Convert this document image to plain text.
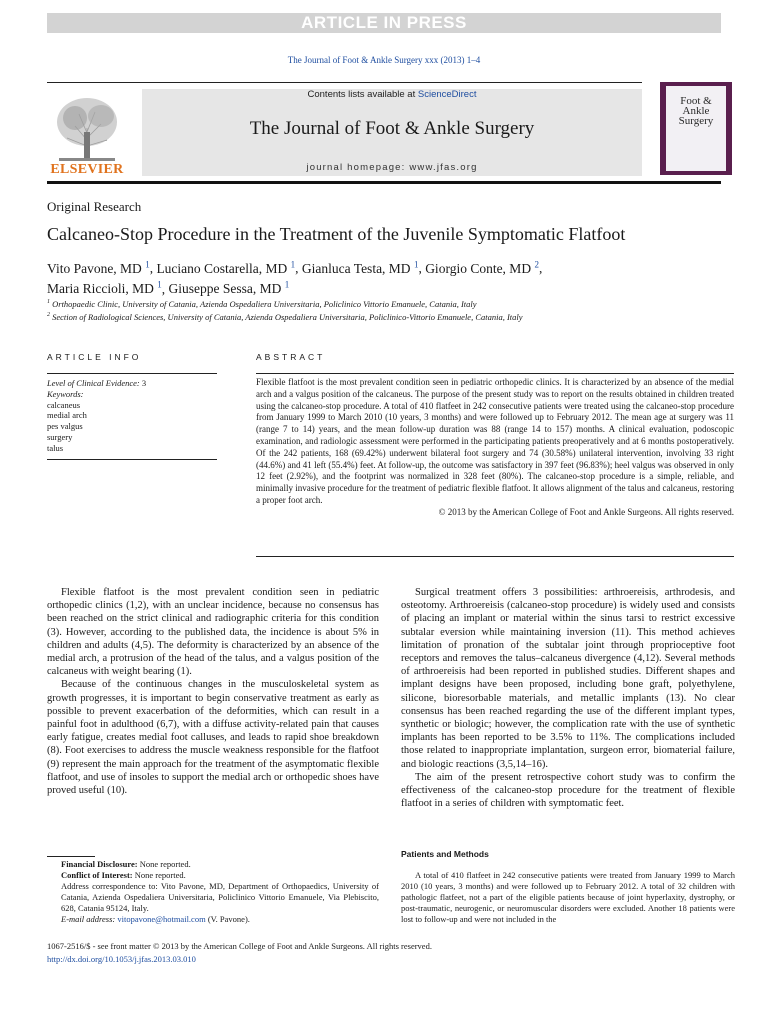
ARTICLE IN PRESS
The Journal of Foot & Ankle Surgery xxx (2013) 1–4
ELSEVIER
Contents lists available at ScienceDirect
The Journal of Foot & Ankle Surgery
journal homepage: www.jfas.org
Foot &
Ankle
Surgery
Original Research
Calcaneo-Stop Procedure in the Treatment of the Juvenile Symptomatic Flatfoot
Vito Pavone, MD $^1$, Luciano Costarella, MD $^1$, Gianluca Testa, MD $^1$, Giorgio Conte, MD $^2$,
Maria Riccioli, MD $^1$, Giuseppe Sessa, MD $^1$
$^1$ Orthopaedic Clinic, University of Catania, Azienda Ospedaliera Universitaria, Policlinico Vittorio Emanuele, Catania, Italy
$^2$ Section of Radiological Sciences, University of Catania, Azienda Ospedaliera Universitaria, Policlinico-Vittorio Emanuele, Catania, Italy
ARTICLE INFO
Level of Clinical Evidence: 3
Keywords:
calcaneus
medial arch
pes valgus
surgery
talus
ABSTRACT
Flexible flatfoot is the most prevalent condition seen in pediatric orthopedic clinics. It is characterized by an absence of the medial arch and a valgus position of the calcaneus. The purpose of the present study was to report on the results obtained in children treated using the calcaneo-stop procedure. A total of 410 flatfeet in 242 consecutive patients were treated using the calcaneo-stop procedure from January 1999 to March 2010 (10 years, 3 months) and were followed up to February 2012. The mean age at surgery was 11 (range 7 to 14) years, and the mean follow-up duration was 88 (range 14 to 157) months. A clinical evaluation, podoscopic examination, and radiologic assessment were performed in the participating patients preoperatively and at 6 months postoperatively. Of the 242 patients, 168 (69.42%) underwent bilateral foot surgery and 74 (30.58%) unilateral intervention, involving 33 right (44.6%) and 41 left (55.4%) feet. At follow-up, the outcome was satisfactory in 397 feet (96.83%); heel valgus was observed in only 12 feet (2.92%), and the footprint was normalized in 328 feet (80%). The calcaneo-stop procedure is a simple, reliable, and minimally invasive procedure for the treatment of pediatric flexible flatfoot. It allows alignment of the talus and calcaneus, restoring a proper foot arch.
© 2013 by the American College of Foot and Ankle Surgeons. All rights reserved.

Flexible flatfoot is the most prevalent condition seen in pediatric orthopedic clinics (1,2), with an unclear incidence, because no consensus has been reached on the strict clinical and radiographic criteria for this condition (3). However, according to the published data, the incidence is about 5% in children and adults (4,5). The deformity is characterized by an absence of the medial arch, a protrusion of the head of the talus, and a valgus position of the calcaneus with weight bearing (1).

Because of the continuous changes in the musculoskeletal system as growth progresses, it is important to begin conservative treatment as early as possible to prevent exacerbation of the deformities, which can result in a painful foot in adulthood (6,7), with a diffuse activity-related pain that causes early fatigue, creates medial foot calluses, and leads to rapid shoe breakdown (8). Foot exercises to address the muscle weakness responsible for the flatfoot (9) represent the main approach for the treatment of the asymptomatic flexible flatfoot, and use of insoles to support the medial arch or orthopedic shoes have proved useful (10).

Surgical treatment offers 3 possibilities: arthroereisis, arthrodesis, and osteotomy. Arthroereisis (calcaneo-stop procedure) is widely used and consists of placing an implant or material within the sinus tarsi to restrict excessive subtalar eversion while maintaining inversion (11). This method achieves limitation of pronation of the subtalar joint through proprioceptive foot receptors and removes the talus–calcaneus divergence (4,12). Several methods of arthroereisis had been reported in published studies. Different shapes and implant designs have been proposed, including bone graft, polyethylene, silicone, bioresorbable materials, and metallic implants (13). No clear consensus has been reached regarding the use of the different implant types, synthetic or biologic; however, the complication rate with the use of synthetic implants has been reported to be 3.5% to 11%. The complications included those related to inappropriate implantation, surgeon error, biomaterial failure, and biologic reactions (3,5,14–16).

The aim of the present retrospective cohort study was to confirm the effectiveness of the calcaneo-stop procedure for the treatment of flexible flatfoot in a series of children with symptomatic feet.

Patients and Methods

A total of 410 flatfeet in 242 consecutive patients were treated from January 1999 to March 2010 (10 years, 3 months) and were followed up to February 2012. A total of 32 children with pathologic flatfeet, not a part of the eligible patients because of joint hyperlaxity, dystrophy, or post-traumatic, neurogenic, or neuromuscular disorders were excluded. Another 18 patients were lost to follow-up and were not included in the

Financial Disclosure: None reported.

Conflict of Interest: None reported.

Address correspondence to: Vito Pavone, MD, Department of Orthopaedics, University of Catania, Azienda Ospedaliera Universitaria, Policlinico Vittorio Emanuele, Via Plebiscito, 628, Catania 95124, Italy.

E-mail address: vitopavone@hotmail.com (V. Pavone).

1067-2516/$ - see front matter © 2013 by the American College of Foot and Ankle Surgeons. All rights reserved.
http://dx.doi.org/10.1053/j.jfas.2013.03.010
